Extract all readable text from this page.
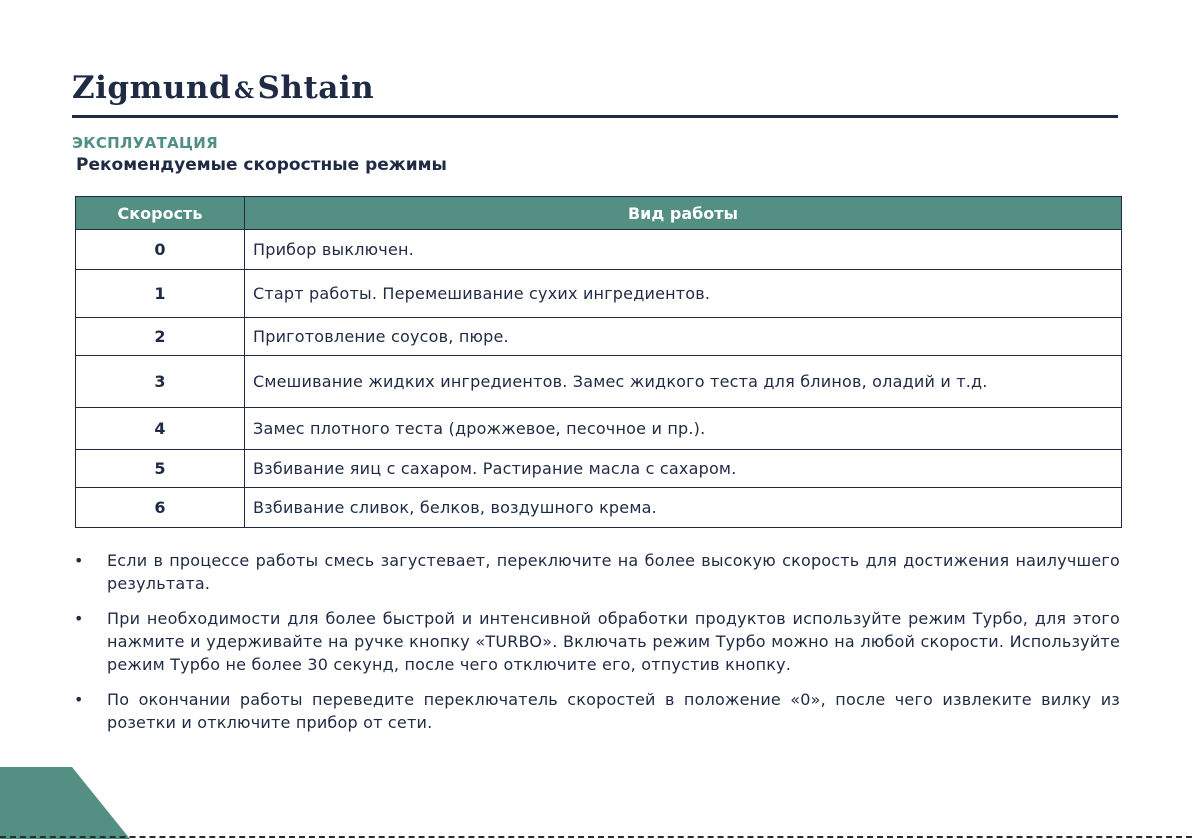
Zigmund &Shtain
ЭКСПЛУАТАЦИЯ
Рекомендуемые скоростные режимы
Скорость	Вид работы
0	Прибор выключен.
1	Старт работы. Перемешивание сухих ингредиентов.
2	Приготовление соусов, пюре.
3	Смешивание жидких ингредиентов. Замес жидкого теста для блинов, оладий и т.д.
4	Замес плотного теста (дрожжевое, песочное и пр.).
5	Взбивание яиц с сахаром. Растирание масла с сахаром.
6	Взбивание сливок, белков, воздушного крема.
• Если в процессе работы смесь загустевает, переключите на более высокую скорость для достижения наилучшего результата.
• При необходимости для более быстрой и интенсивной обработки продуктов используйте режим Турбо, для этого нажмите и удерживайте на ручке кнопку «TURBO». Включать режим Турбо можно на любой скорости. Используйте режим Турбо не более 30 секунд, после чего отключите его, отпустив кнопку.
• По окончании работы переведите переключатель скоростей в положение «0», после чего извлеките вилку из розетки и отключите прибор от сети.
